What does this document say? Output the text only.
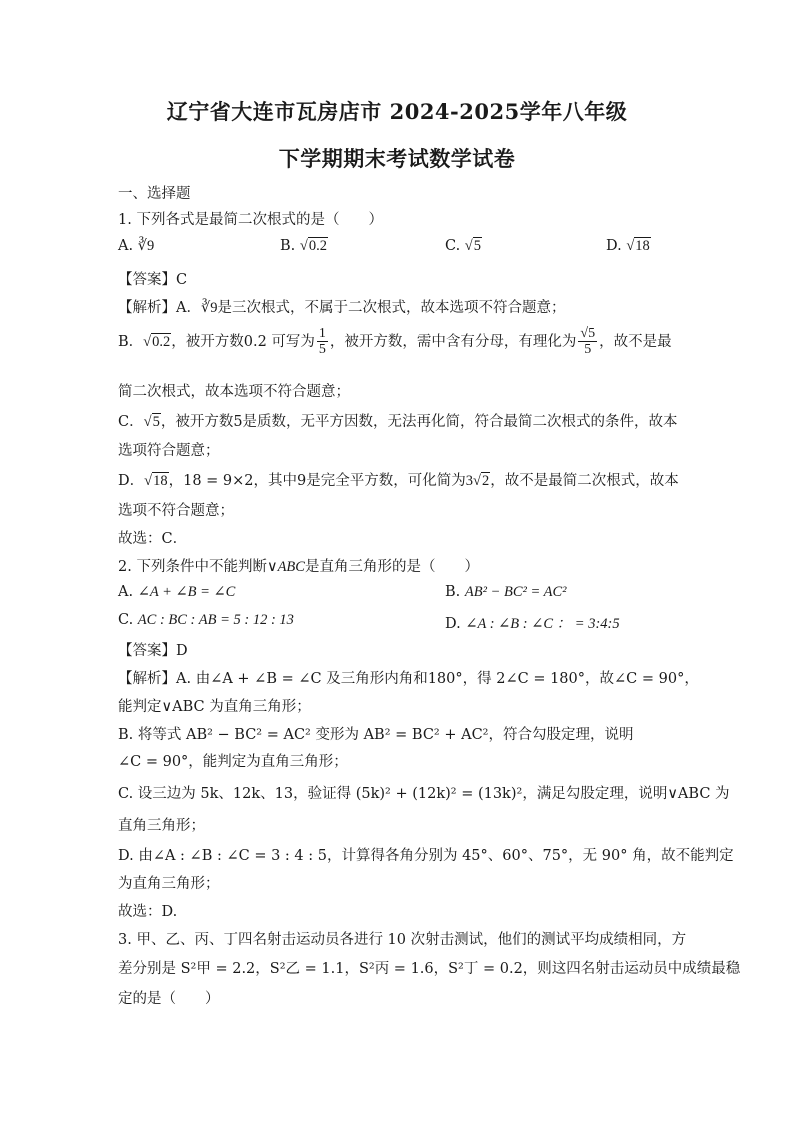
辽宁省大连市瓦房店市 2024-2025学年八年级
下学期期末考试数学试卷
一、选择题
1. 下列各式是最简二次根式的是（　　）
A. ∛9	B. √0.2	C. √5	D. √18
【答案】C
【解析】A．∛9是三次根式，不属于二次根式，故本选项不符合题意；
B．√0.2，被开方数0.2 可写为 $\frac{1}{5}$ ，被开方数，需中含有分母，有理化为 $\frac{√5}{5}$ ，故不是最
简二次根式，故本选项不符合题意；
C．√5，被开方数5是质数，无平方因数，无法再化简，符合最简二次根式的条件，故本
选项符合题意；
D．√18，18 = 9×2，其中9是完全平方数，可化简为3√2，故不是最简二次根式，故本
选项不符合题意；
故选：C．
2. 下列条件中不能判断∨ABC是直角三角形的是（　　）
A. ∠A + ∠B = ∠C	B. AB² − BC² = AC²
C. AC : BC : AB = 5 : 12 : 13	D. ∠A : ∠B : ∠C ： = 3:4:5
【答案】D
【解析】A. 由∠A + ∠B = ∠C 及三角形内角和180°，得 2∠C = 180°，故∠C = 90°，
能判定∨ABC 为直角三角形；
B. 将等式 AB² − BC² = AC² 变形为 AB² = BC² + AC²，符合勾股定理，说明
∠C = 90°，能判定为直角三角形；
C. 设三边为 5k、12k、13，验证得 (5k)² + (12k)² = (13k)²，满足勾股定理，说明∨ABC 为
直角三角形；
D. 由∠A : ∠B : ∠C = 3 : 4 : 5，计算得各角分别为 45°、60°、75°，无 90° 角，故不能判定
为直角三角形；
故选：D.
3. 甲、乙、丙、丁四名射击运动员各进行 10 次射击测试，他们的测试平均成绩相同，方
差分别是 S²甲 = 2.2，S²乙 = 1.1，S²丙 = 1.6，S²丁 = 0.2，则这四名射击运动员中成绩最稳
定的是（　　）
